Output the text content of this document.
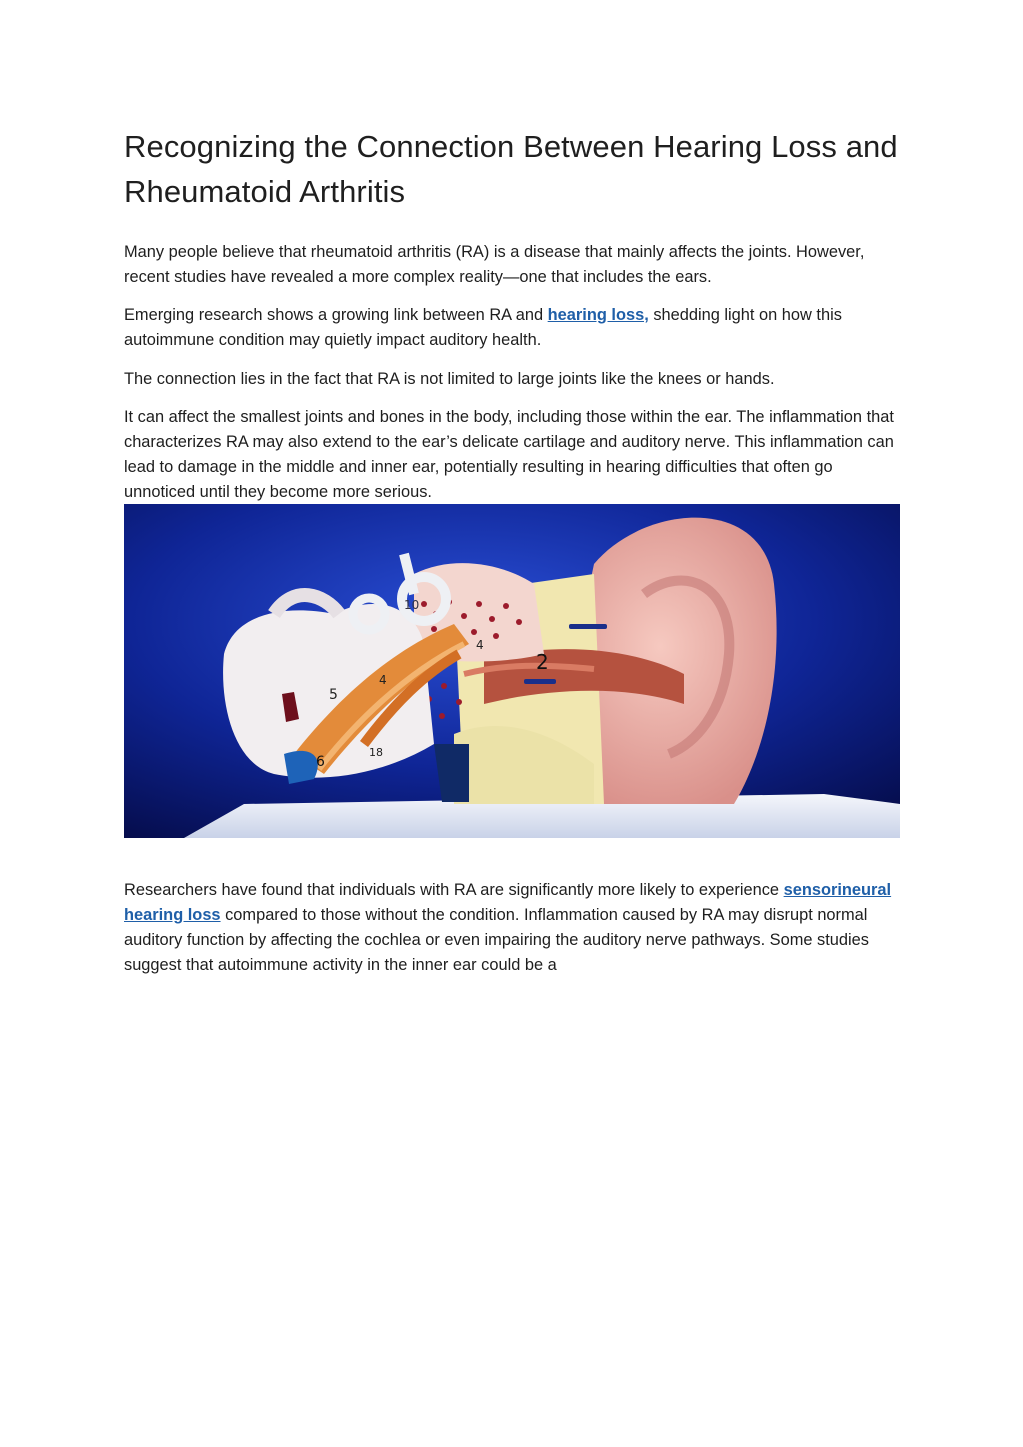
Recognizing the Connection Between Hearing Loss and Rheumatoid Arthritis

Many people believe that rheumatoid arthritis (RA) is a disease that mainly affects the joints. However, recent studies have revealed a more complex reality—one that includes the ears.

Emerging research shows a growing link between RA and hearing loss, shedding light on how this autoimmune condition may quietly impact auditory health.

The connection lies in the fact that RA is not limited to large joints like the knees or hands.

It can affect the smallest joints and bones in the body, including those within the ear. The inflammation that characterizes RA may also extend to the ear’s delicate cartilage and auditory nerve. This inflammation can lead to damage in the middle and inner ear, potentially resulting in hearing difficulties that often go unnoticed until they become more serious.

10
4
2
5
4
6
18

Researchers have found that individuals with RA are significantly more likely to experience sensorineural hearing loss compared to those without the condition. Inflammation caused by RA may disrupt normal auditory function by affecting the cochlea or even impairing the auditory nerve pathways. Some studies suggest that autoimmune activity in the inner ear could be a
